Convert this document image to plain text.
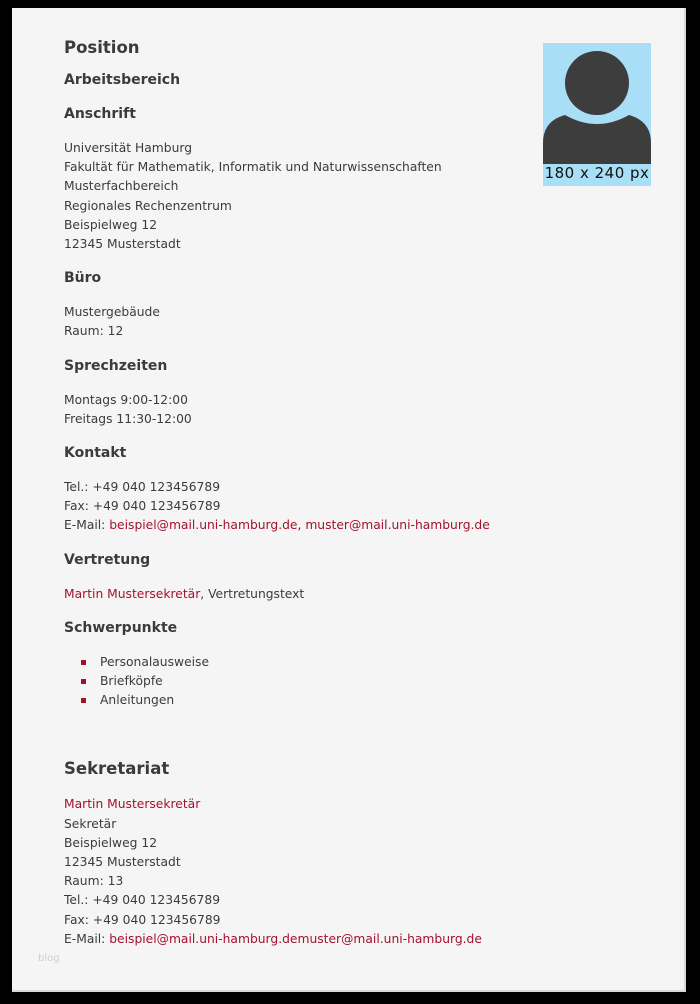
Position
Arbeitsbereich
Anschrift

Universität Hamburg
Fakultät für Mathematik, Informatik und Naturwissenschaften
Musterfachbereich
Regionales Rechenzentrum
Beispielweg 12
12345 Musterstadt

Büro

Mustergebäude
Raum: 12

Sprechzeiten

Montags 9:00-12:00
Freitags 11:30-12:00

Kontakt

Tel.: +49 040 123456789
Fax: +49 040 123456789
E-Mail: beispiel@mail.uni-hamburg.de, muster@mail.uni-hamburg.de

Vertretung

Martin Mustersekretär, Vertretungstext

Schwerpunkte
Personalausweise
Briefköpfe
Anleitungen
Sekretariat

Martin Mustersekretär
Sekretär
Beispielweg 12
12345 Musterstadt
Raum: 13
Tel.: +49 040 123456789
Fax: +49 040 123456789
E-Mail: beispiel@mail.uni-hamburg.demuster@mail.uni-hamburg.de

180 x 240 px
blog
